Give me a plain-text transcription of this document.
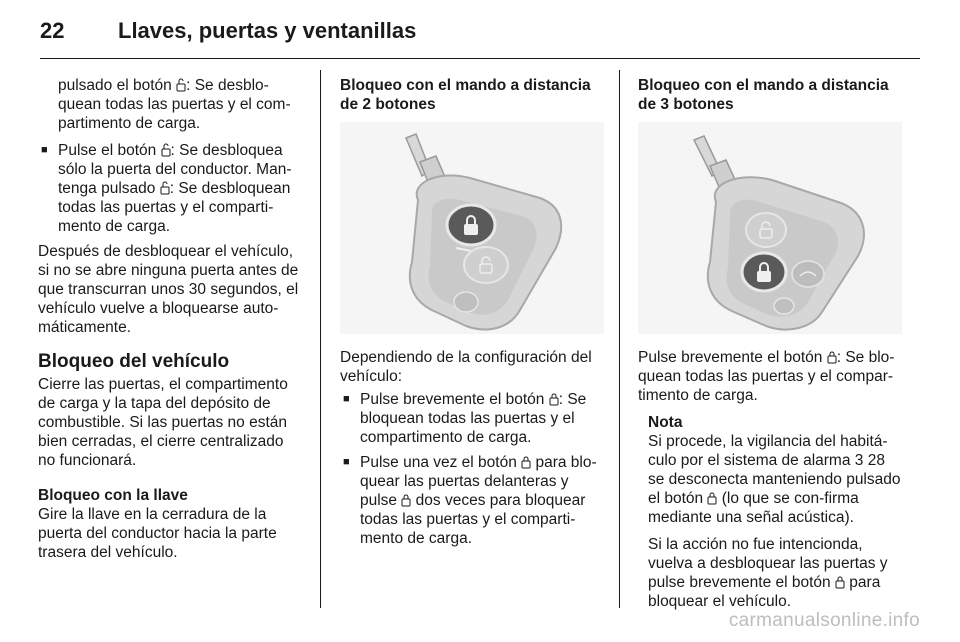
22 Llaves, puertas y ventanillas

pulsado el botón : Se desblo-quean todas las puertas y el com-partimento de carga.

■ Pulse el botón : Se desbloquea sólo la puerta del conductor. Man-tenga pulsado : Se desbloquean todas las puertas y el comparti-mento de carga.

Después de desbloquear el vehículo, si no se abre ninguna puerta antes de que transcurran unos 30 segundos, el vehículo vuelve a bloquearse auto-máticamente.

Bloqueo del vehículo

Cierre las puertas, el compartimento de carga y la tapa del depósito de combustible. Si las puertas no están bien cerradas, el cierre centralizado no funcionará.

Bloqueo con la llave

Gire la llave en la cerradura de la puerta del conductor hacia la parte trasera del vehículo.

Bloqueo con el mando a distancia de 2 botones

Dependiendo de la configuración del vehículo:

■ Pulse brevemente el botón : Se bloquean todas las puertas y el compartimento de carga.
■ Pulse una vez el botón  para blo-quear las puertas delanteras y pulse  dos veces para bloquear todas las puertas y el comparti-mento de carga.
Bloqueo con el mando a distancia de 3 botones

Pulse brevemente el botón : Se blo-quean todas las puertas y el compar-timento de carga.

Nota

Si procede, la vigilancia del habitá-culo por el sistema de alarma 3 28 se desconecta manteniendo pulsado el botón  (lo que se con-firma mediante una señal acústica).

Si la acción no fue intencionda, vuelva a desbloquear las puertas y pulse brevemente el botón  para bloquear el vehículo.

carmanualsonline.info
